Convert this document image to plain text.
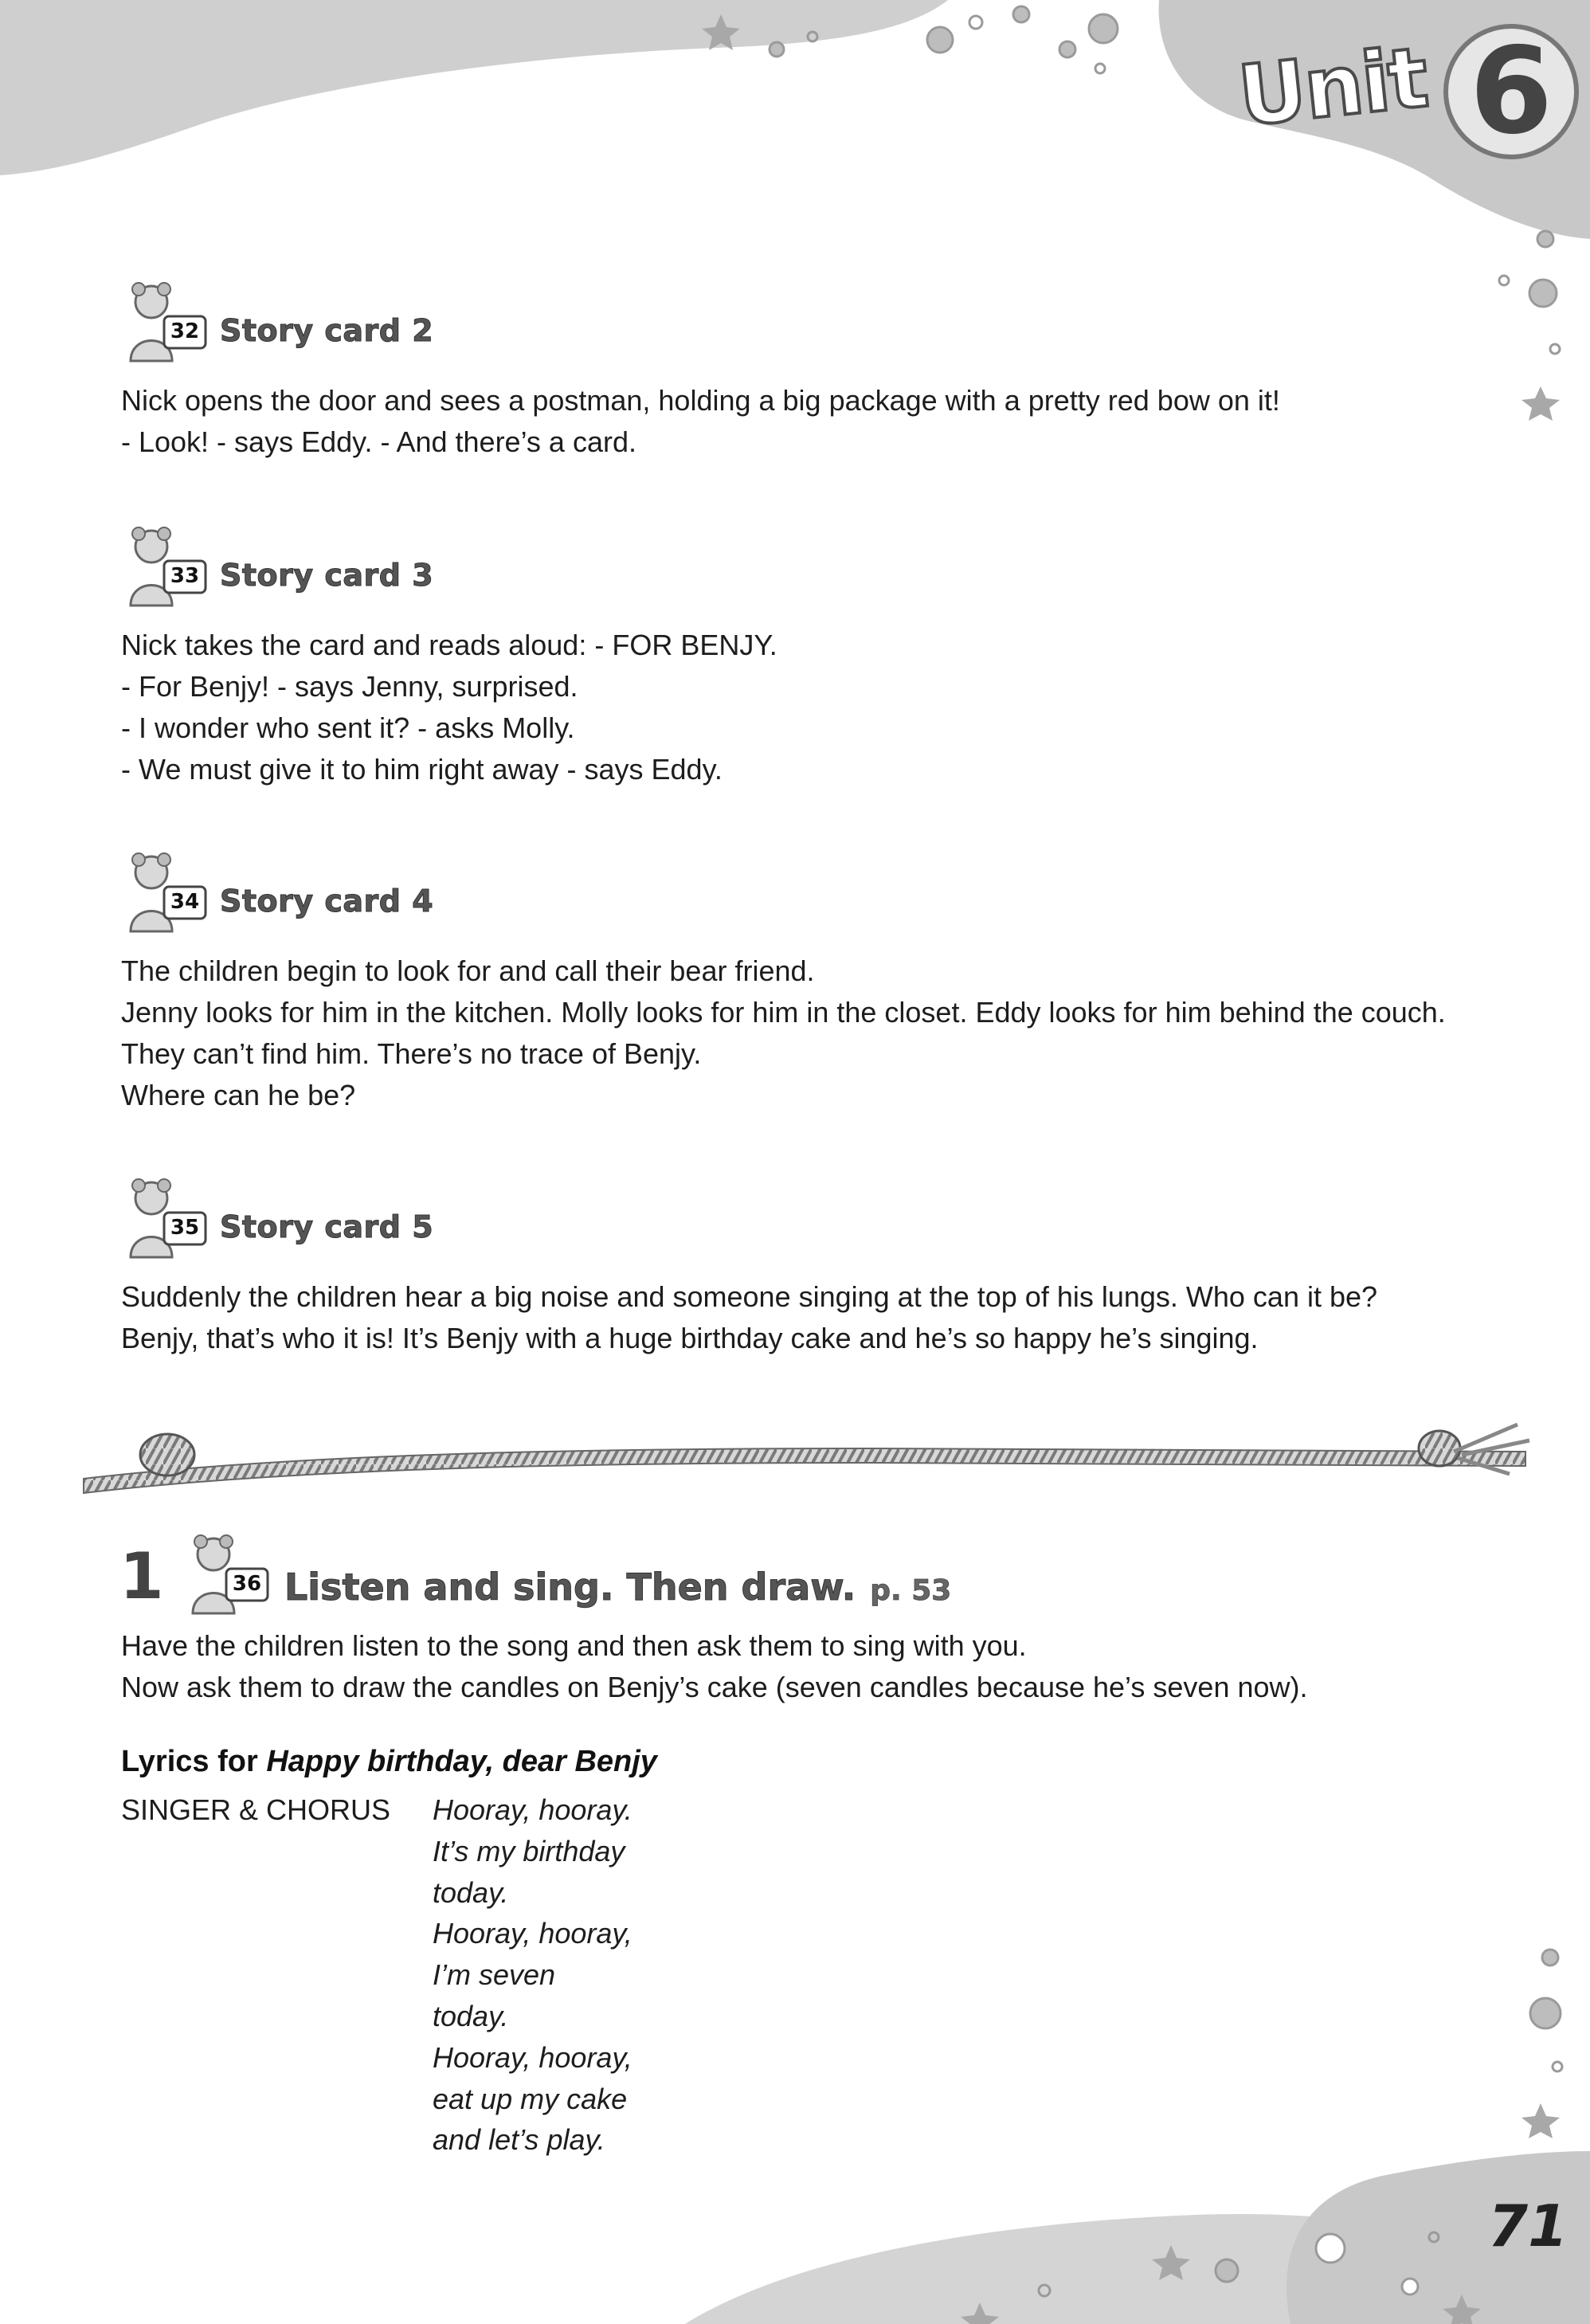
Unit 6
32 Story card 2
Nick opens the door and sees a postman, holding a big package with a pretty red bow on it!
- Look! - says Eddy. - And there’s a card.
33 Story card 3
Nick takes the card and reads aloud: - FOR BENJY.
- For Benjy! - says Jenny, surprised.
- I wonder who sent it? - asks Molly.
- We must give it to him right away - says Eddy.
34 Story card 4
The children begin to look for and call their bear friend.
Jenny looks for him in the kitchen. Molly looks for him in the closet. Eddy looks for him behind the couch.
They can’t find him. There’s no trace of Benjy.
Where can he be?
35 Story card 5
Suddenly the children hear a big noise and someone singing at the top of his lungs. Who can it be?
Benjy, that’s who it is! It’s Benjy with a huge birthday cake and he’s so happy he’s singing.
1	36 Listen and sing. Then draw. p. 53
Have the children listen to the song and then ask them to sing with you.
Now ask them to draw the candles on Benjy’s cake (seven candles because he’s seven now).
Lyrics for Happy birthday, dear Benjy
SINGER & CHORUS Hooray, hooray.
It’s my birthday
today.
Hooray, hooray,
I’m seven
today.
Hooray, hooray,
eat up my cake
and let’s play.
71
